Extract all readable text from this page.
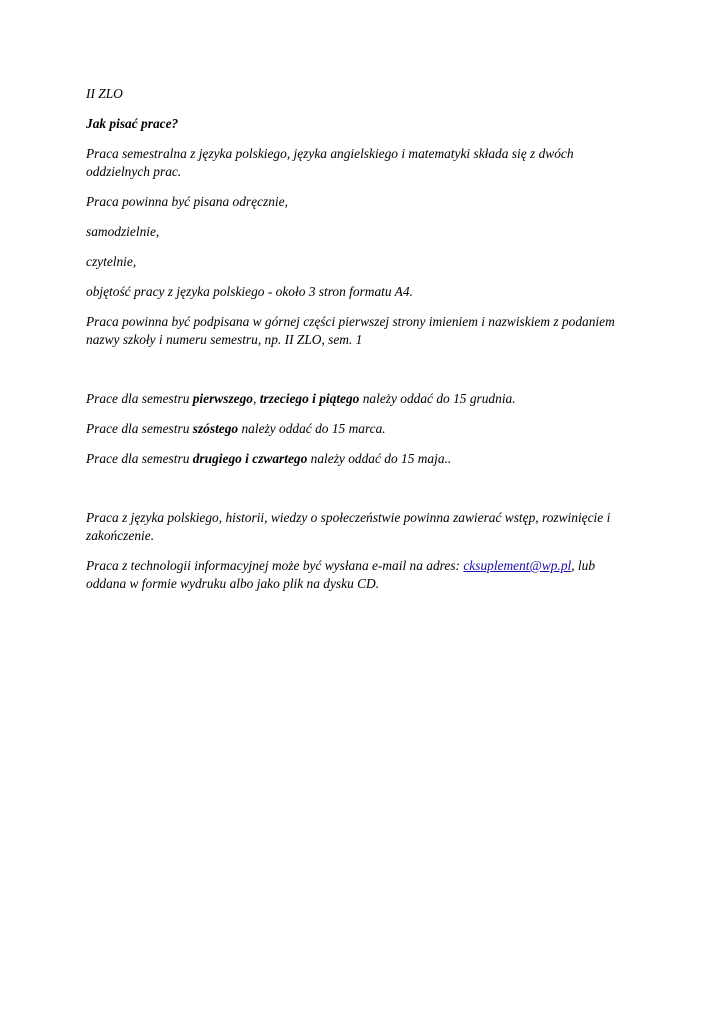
II ZLO

Jak pisać prace?

Praca semestralna z języka polskiego, języka angielskiego i matematyki składa się z dwóch

oddzielnych prac.

Praca powinna być pisana odręcznie,

samodzielnie,

czytelnie,

objętość pracy z języka polskiego - około 3 stron formatu A4.

Praca powinna być podpisana w górnej części pierwszej strony imieniem i nazwiskiem z podaniem

nazwy szkoły i numeru semestru, np. II ZLO, sem. 1

Prace dla semestru pierwszego, trzeciego i piątego należy oddać do 15 grudnia.

Prace dla semestru szóstego należy oddać do 15 marca.

Prace dla semestru drugiego i czwartego należy oddać do 15 maja..

Praca z języka polskiego, historii, wiedzy o społeczeństwie powinna zawierać wstęp, rozwinięcie i

zakończenie.

Praca z technologii informacyjnej może być wysłana e-mail na adres: cksuplement@wp.pl, lub

oddana w formie wydruku albo jako plik na dysku CD.
